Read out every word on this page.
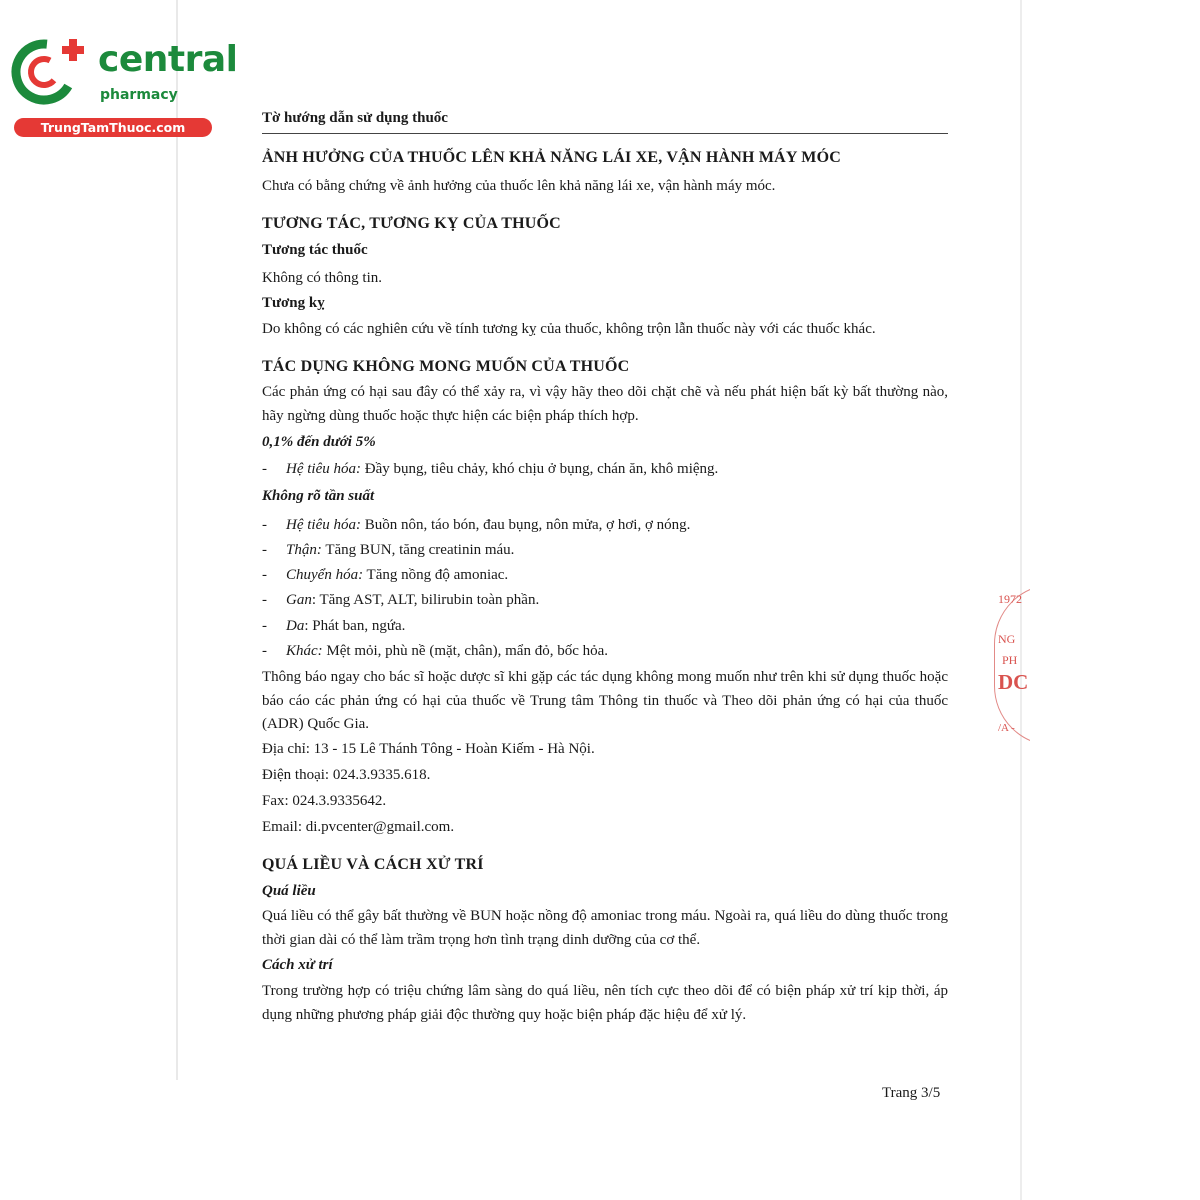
central
pharmacy
TrungTamThuoc.com
Tờ hướng dẫn sử dụng thuốc
ẢNH HƯỞNG CỦA THUỐC LÊN KHẢ NĂNG LÁI XE, VẬN HÀNH MÁY MÓC
Chưa có bằng chứng về ảnh hưởng của thuốc lên khả năng lái xe, vận hành máy móc.
TƯƠNG TÁC, TƯƠNG KỴ CỦA THUỐC
Tương tác thuốc
Không có thông tin.
Tương kỵ
Do không có các nghiên cứu về tính tương kỵ của thuốc, không trộn lẫn thuốc này với các thuốc khác.
TÁC DỤNG KHÔNG MONG MUỐN CỦA THUỐC
Các phản ứng có hại sau đây có thể xảy ra, vì vậy hãy theo dõi chặt chẽ và nếu phát hiện bất kỳ bất thường nào, hãy ngừng dùng thuốc hoặc thực hiện các biện pháp thích hợp.
0,1% đến dưới 5%
- Hệ tiêu hóa: Đầy bụng, tiêu chảy, khó chịu ở bụng, chán ăn, khô miệng.
Không rõ tần suất
- Hệ tiêu hóa: Buồn nôn, táo bón, đau bụng, nôn mửa, ợ hơi, ợ nóng.
- Thận: Tăng BUN, tăng creatinin máu.
- Chuyển hóa: Tăng nồng độ amoniac.
- Gan: Tăng AST, ALT, bilirubin toàn phần.
- Da: Phát ban, ngứa.
- Khác: Mệt mỏi, phù nề (mặt, chân), mẩn đỏ, bốc hỏa.
Thông báo ngay cho bác sĩ hoặc dược sĩ khi gặp các tác dụng không mong muốn như trên khi sử dụng thuốc hoặc báo cáo các phản ứng có hại của thuốc về Trung tâm Thông tin thuốc và Theo dõi phản ứng có hại của thuốc (ADR) Quốc Gia.
Địa chỉ: 13 - 15 Lê Thánh Tông - Hoàn Kiếm - Hà Nội.
Điện thoại: 024.3.9335.618.
Fax: 024.3.9335642.
Email: di.pvcenter@gmail.com.
QUÁ LIỀU VÀ CÁCH XỬ TRÍ
Quá liều
Quá liều có thể gây bất thường về BUN hoặc nồng độ amoniac trong máu. Ngoài ra, quá liều do dùng thuốc trong thời gian dài có thể làm trầm trọng hơn tình trạng dinh dưỡng của cơ thể.
Cách xử trí
Trong trường hợp có triệu chứng lâm sàng do quá liều, nên tích cực theo dõi để có biện pháp xử trí kịp thời, áp dụng những phương pháp giải độc thường quy hoặc biện pháp đặc hiệu để xử lý.
Trang 3/5
1972
NG
PH
DC
/A -
